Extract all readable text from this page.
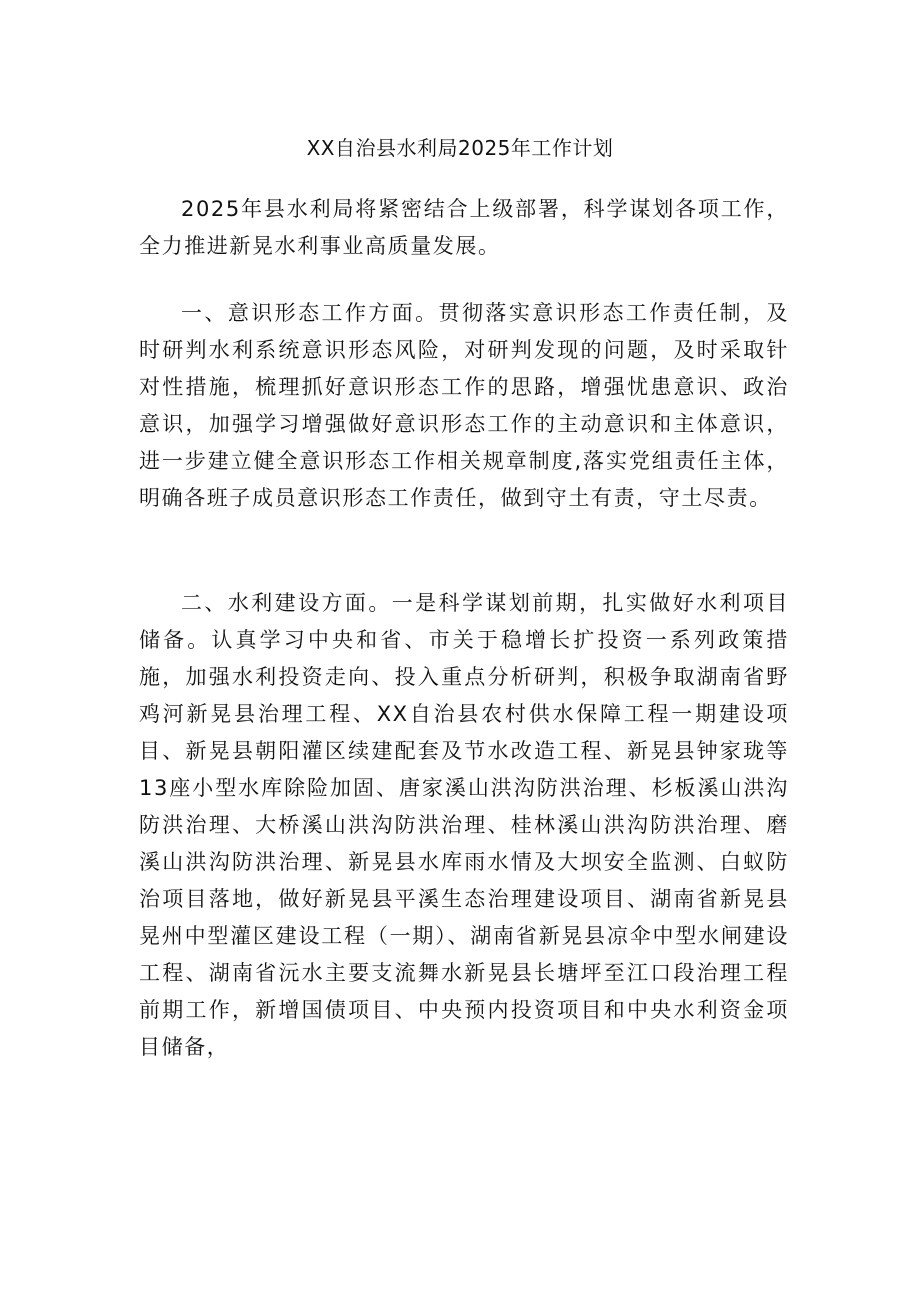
XX自治县水利局2025年工作计划

2025年县水利局将紧密结合上级部署，科学谋划各项工作，全力推进新晃水利事业高质量发展。

一、意识形态工作方面。贯彻落实意识形态工作责任制，及时研判水利系统意识形态风险，对研判发现的问题，及时采取针对性措施，梳理抓好意识形态工作的思路，增强忧患意识、政治意识，加强学习增强做好意识形态工作的主动意识和主体意识，进一步建立健全意识形态工作相关规章制度,落实党组责任主体，明确各班子成员意识形态工作责任，做到守土有责，守土尽责。

二、水利建设方面。一是科学谋划前期，扎实做好水利项目储备。认真学习中央和省、市关于稳增长扩投资一系列政策措施，加强水利投资走向、投入重点分析研判，积极争取湖南省野鸡河新晃县治理工程、XX自治县农村供水保障工程一期建设项目、新晃县朝阳灌区续建配套及节水改造工程、新晃县钟家珑等13座小型水库除险加固、唐家溪山洪沟防洪治理、杉板溪山洪沟防洪治理、大桥溪山洪沟防洪治理、桂林溪山洪沟防洪治理、磨溪山洪沟防洪治理、新晃县水库雨水情及大坝安全监测、白蚁防治项目落地，做好新晃县平溪生态治理建设项目、湖南省新晃县晃州中型灌区建设工程（一期）、湖南省新晃县凉伞中型水闸建设工程、湖南省沅水主要支流舞水新晃县长塘坪至江口段治理工程前期工作，新增国债项目、中央预内投资项目和中央水利资金项目储备，
